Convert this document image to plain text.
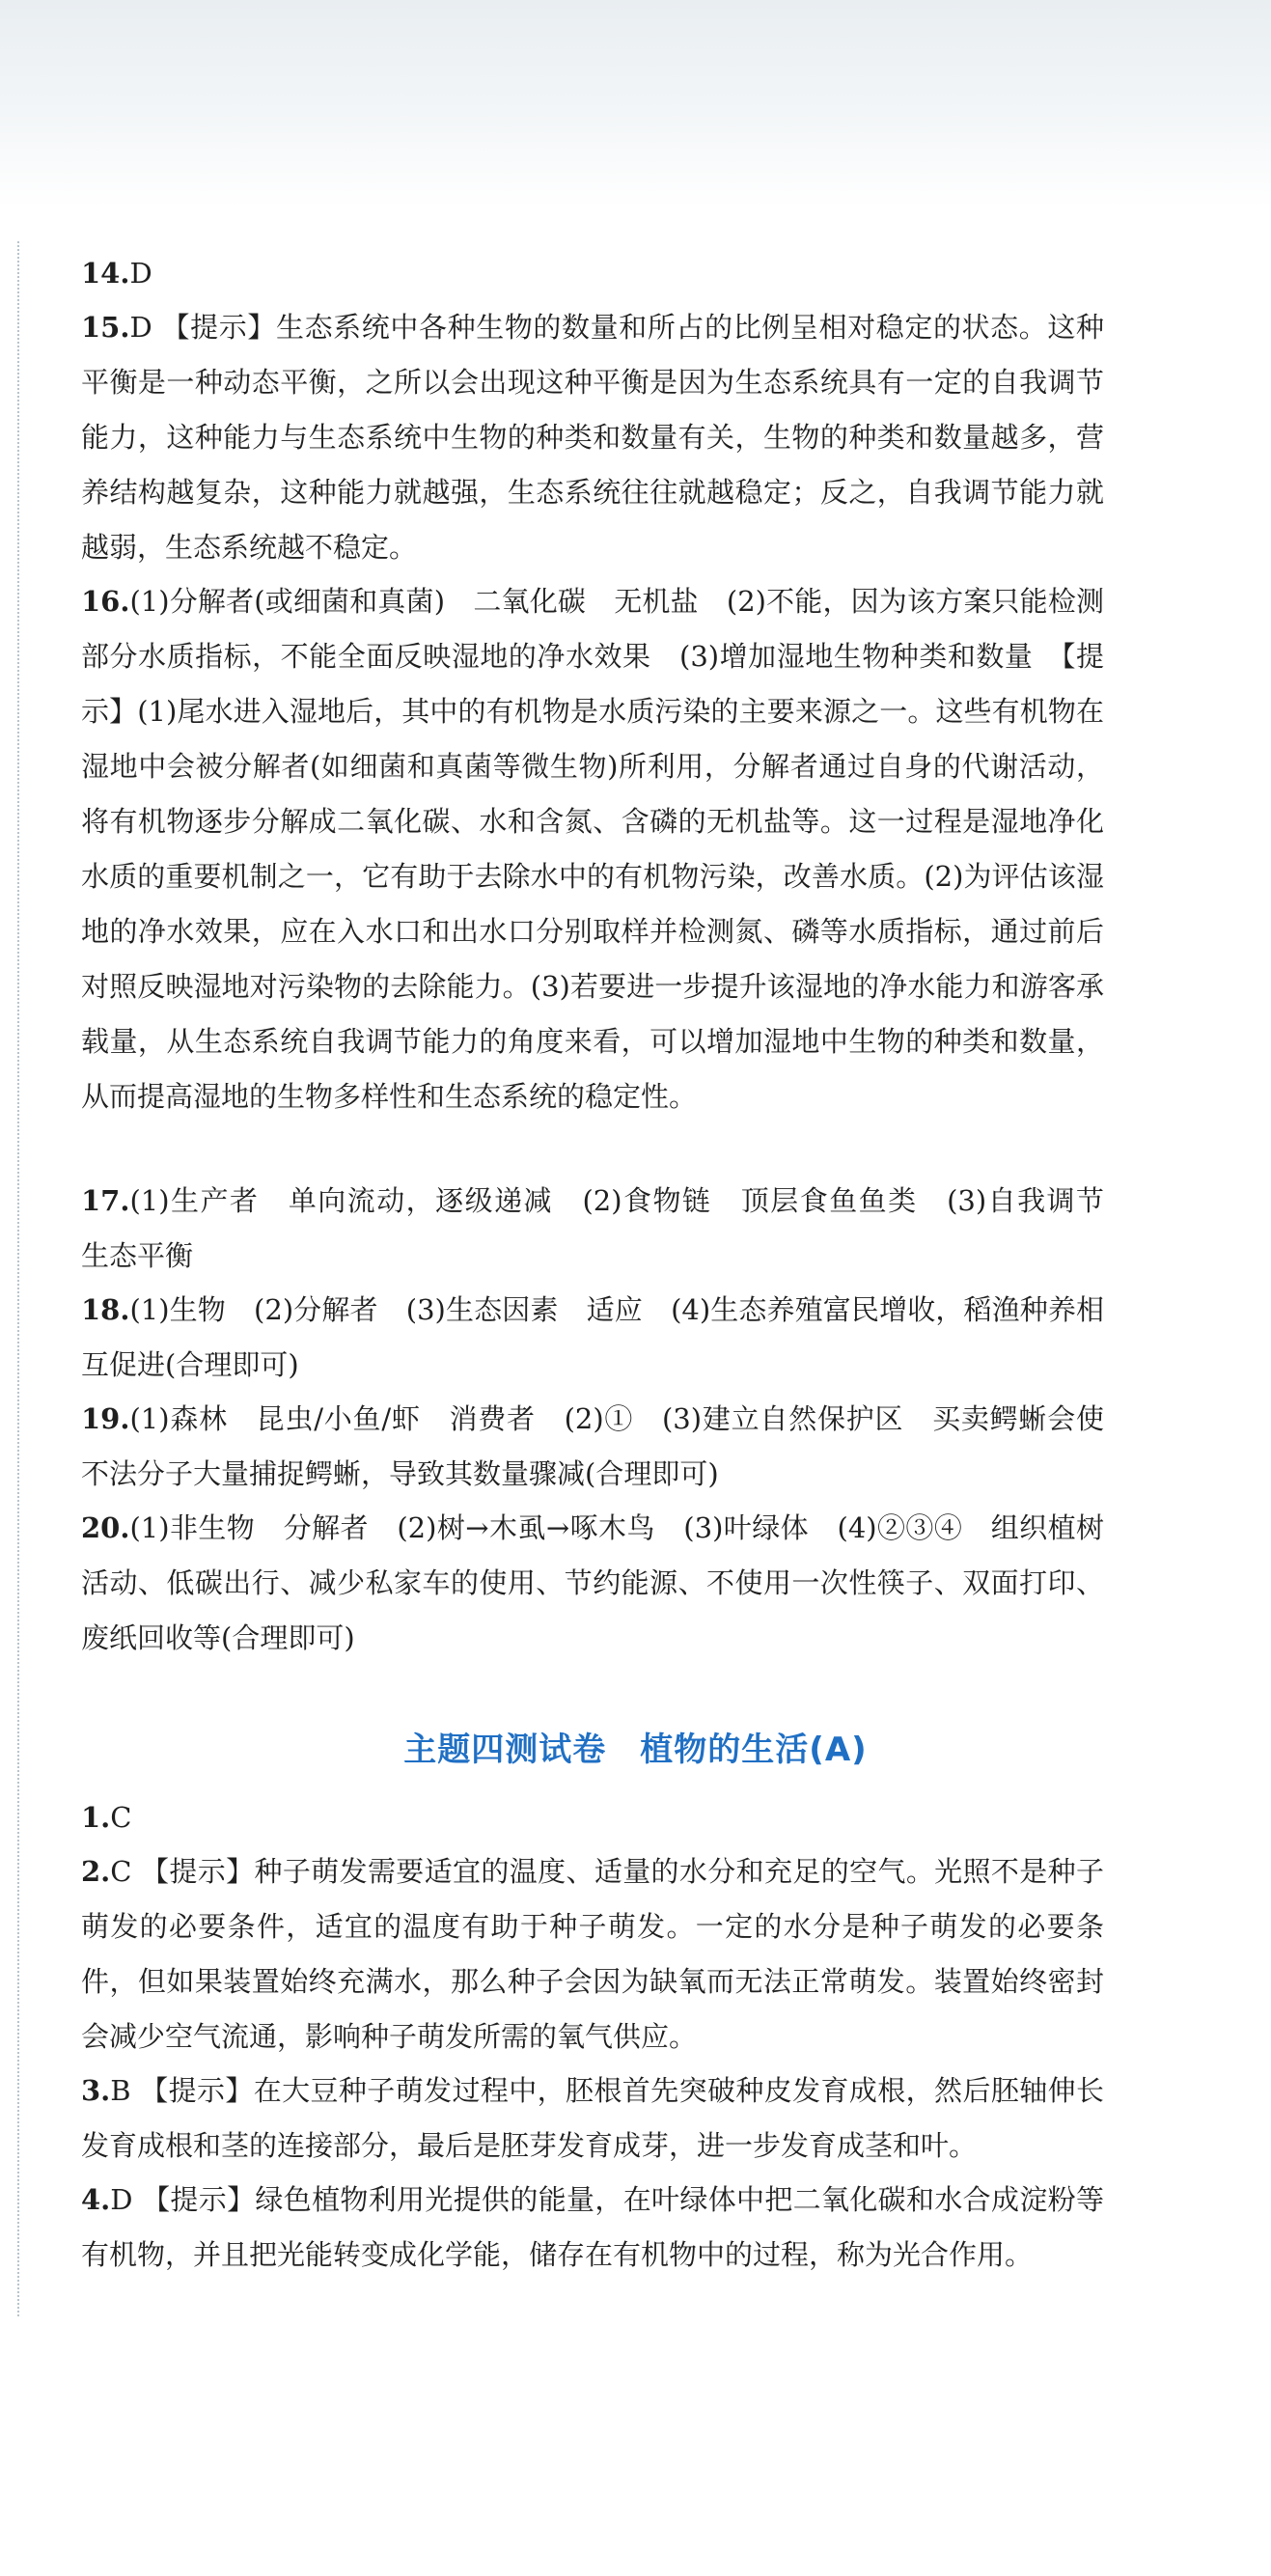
14.D

15.D 【提示】生态系统中各种生物的数量和所占的比例呈相对稳定的状态。这种平衡是一种动态平衡，之所以会出现这种平衡是因为生态系统具有一定的自我调节能力，这种能力与生态系统中生物的种类和数量有关，生物的种类和数量越多，营养结构越复杂，这种能力就越强，生态系统往往就越稳定；反之，自我调节能力就越弱，生态系统越不稳定。

16.(1)分解者(或细菌和真菌)　二氧化碳　无机盐　(2)不能，因为该方案只能检测部分水质指标，不能全面反映湿地的净水效果　(3)增加湿地生物种类和数量　【提示】(1)尾水进入湿地后，其中的有机物是水质污染的主要来源之一。这些有机物在湿地中会被分解者(如细菌和真菌等微生物)所利用，分解者通过自身的代谢活动，将有机物逐步分解成二氧化碳、水和含氮、含磷的无机盐等。这一过程是湿地净化水质的重要机制之一，它有助于去除水中的有机物污染，改善水质。(2)为评估该湿地的净水效果，应在入水口和出水口分别取样并检测氮、磷等水质指标，通过前后对照反映湿地对污染物的去除能力。(3)若要进一步提升该湿地的净水能力和游客承载量，从生态系统自我调节能力的角度来看，可以增加湿地中生物的种类和数量，从而提高湿地的生物多样性和生态系统的稳定性。

17.(1)生产者　单向流动，逐级递减　(2)食物链　顶层食鱼鱼类　(3)自我调节　生态平衡

18.(1)生物　(2)分解者　(3)生态因素　适应　(4)生态养殖富民增收，稻渔种养相互促进(合理即可)

19.(1)森林　昆虫/小鱼/虾　消费者　(2)①　(3)建立自然保护区　买卖鳄蜥会使不法分子大量捕捉鳄蜥，导致其数量骤减(合理即可)

20.(1)非生物　分解者　(2)树→木虱→啄木鸟　(3)叶绿体　(4)②③④　组织植树活动、低碳出行、减少私家车的使用、节约能源、不使用一次性筷子、双面打印、废纸回收等(合理即可)

主题四测试卷　植物的生活(A)

1.C

2.C 【提示】种子萌发需要适宜的温度、适量的水分和充足的空气。光照不是种子萌发的必要条件，适宜的温度有助于种子萌发。一定的水分是种子萌发的必要条件，但如果装置始终充满水，那么种子会因为缺氧而无法正常萌发。装置始终密封会减少空气流通，影响种子萌发所需的氧气供应。

3.B 【提示】在大豆种子萌发过程中，胚根首先突破种皮发育成根，然后胚轴伸长发育成根和茎的连接部分，最后是胚芽发育成芽，进一步发育成茎和叶。

4.D 【提示】绿色植物利用光提供的能量，在叶绿体中把二氧化碳和水合成淀粉等有机物，并且把光能转变成化学能，储存在有机物中的过程，称为光合作用。
